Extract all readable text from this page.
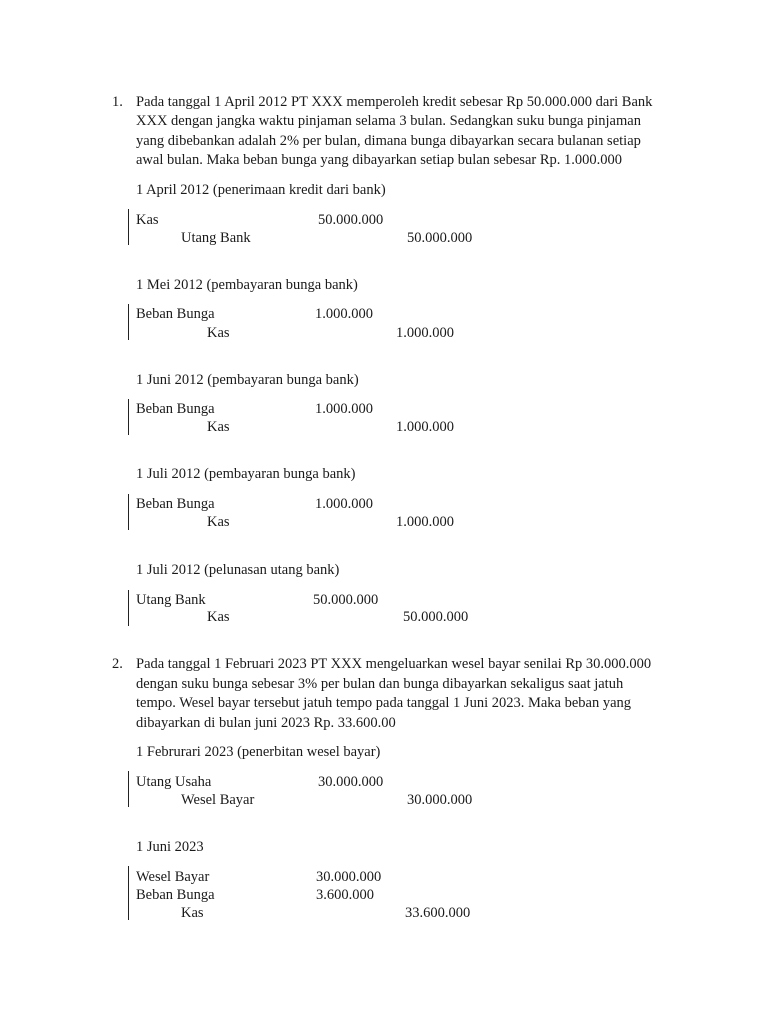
1. Pada tanggal 1 April 2012 PT XXX memperoleh kredit sebesar Rp 50.000.000 dari Bank
XXX dengan jangka waktu pinjaman selama 3 bulan. Sedangkan suku bunga pinjaman
yang dibebankan adalah 2% per bulan, dimana bunga dibayarkan secara bulanan setiap
awal bulan. Maka beban bunga yang dibayarkan setiap bulan sebesar Rp. 1.000.000
1 April 2012 (penerimaan kredit dari bank)
Kas	50.000.000
Utang Bank	50.000.000
1 Mei 2012 (pembayaran bunga bank)
Beban Bunga	1.000.000
Kas	1.000.000
1 Juni 2012 (pembayaran bunga bank)
Beban Bunga	1.000.000
Kas	1.000.000
1 Juli 2012 (pembayaran bunga bank)
Beban Bunga	1.000.000
Kas	1.000.000
1 Juli 2012 (pelunasan utang bank)
Utang Bank	50.000.000
Kas	50.000.000
2. Pada tanggal 1 Februari 2023 PT XXX mengeluarkan wesel bayar senilai Rp 30.000.000
dengan suku bunga sebesar 3% per bulan dan bunga dibayarkan sekaligus saat jatuh
tempo. Wesel bayar tersebut jatuh tempo pada tanggal 1 Juni 2023. Maka beban yang
dibayarkan di bulan juni 2023 Rp. 33.600.00
1 Februrari 2023 (penerbitan wesel bayar)
Utang Usaha	30.000.000
Wesel Bayar	30.000.000
1 Juni 2023
Wesel Bayar	30.000.000
Beban Bunga	3.600.000
Kas	33.600.000
